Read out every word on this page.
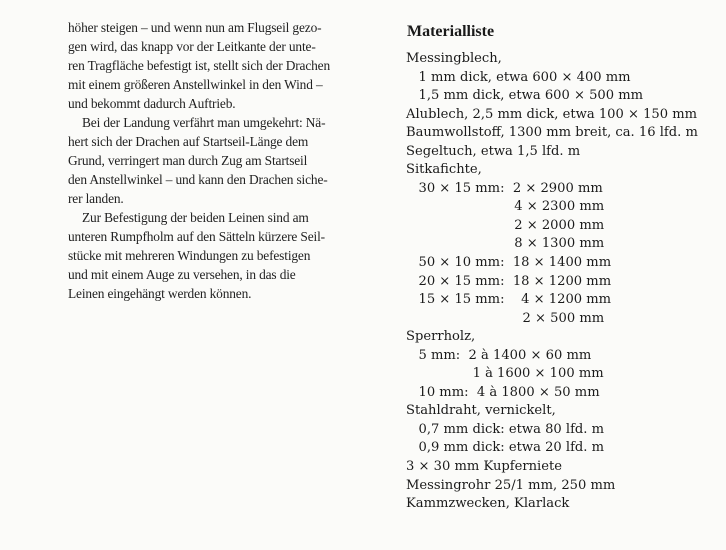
höher steigen – und wenn nun am Flugseil gezo-
gen wird, das knapp vor der Leitkante der unte-
ren Tragfläche befestigt ist, stellt sich der Drachen
mit einem größeren Anstellwinkel in den Wind –
und bekommt dadurch Auftrieb.

Bei der Landung verfährt man umgekehrt: Nä-
hert sich der Drachen auf Startseil-Länge dem
Grund, verringert man durch Zug am Startseil
den Anstellwinkel – und kann den Drachen siche-
rer landen.

Zur Befestigung der beiden Leinen sind am
unteren Rumpfholm auf den Sätteln kürzere Seil-
stücke mit mehreren Windungen zu befestigen
und mit einem Auge zu versehen, in das die
Leinen eingehängt werden können.

Materialliste
Messingblech,
1 mm dick, etwa 600 × 400 mm
1,5 mm dick, etwa 600 × 500 mm
Alublech, 2,5 mm dick, etwa 100 × 150 mm
Baumwollstoff, 1300 mm breit, ca. 16 lfd. m
Segeltuch, etwa 1,5 lfd. m
Sitkafichte,
30 × 15 mm:  2 × 2900 mm
4 × 2300 mm
2 × 2000 mm
8 × 1300 mm
50 × 10 mm:  18 × 1400 mm
20 × 15 mm:  18 × 1200 mm
15 × 15 mm:    4 × 1200 mm
2 × 500 mm
Sperrholz,
5 mm:  2 à 1400 × 60 mm
1 à 1600 × 100 mm
10 mm:  4 à 1800 × 50 mm
Stahldraht, vernickelt,
0,7 mm dick: etwa 80 lfd. m
0,9 mm dick: etwa 20 lfd. m
3 × 30 mm Kupferniete
Messingrohr 25/1 mm, 250 mm
Kammzwecken, Klarlack
